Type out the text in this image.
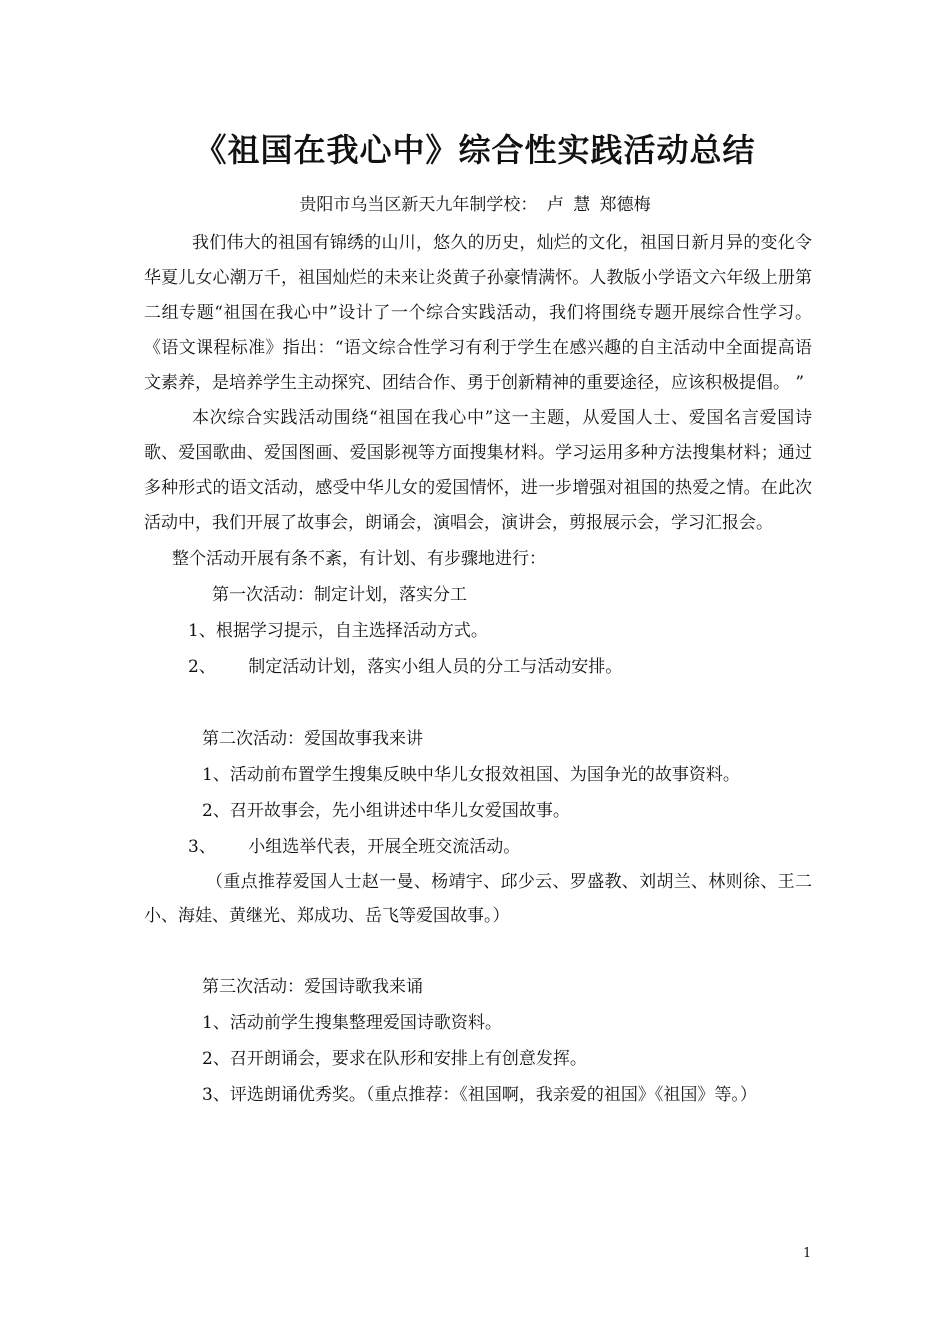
《祖国在我心中》综合性实践活动总结
贵阳市乌当区新天九年制学校： 卢 慧 郑德梅

我们伟大的祖国有锦绣的山川，悠久的历史，灿烂的文化，祖国日新月异的变化令华夏儿女心潮万千，祖国灿烂的未来让炎黄子孙豪情满怀。人教版小学语文六年级上册第二组专题“祖国在我心中”设计了一个综合实践活动，我们将围绕专题开展综合性学习。《语文课程标准》指出：“语文综合性学习有利于学生在感兴趣的自主活动中全面提高语文素养，是培养学生主动探究、团结合作、勇于创新精神的重要途径，应该积极提倡。 ”

本次综合实践活动围绕“祖国在我心中”这一主题，从爱国人士、爱国名言爱国诗歌、爱国歌曲、爱国图画、爱国影视等方面搜集材料。学习运用多种方法搜集材料；通过多种形式的语文活动，感受中华儿女的爱国情怀，进一步增强对祖国的热爱之情。在此次活动中，我们开展了故事会，朗诵会，演唱会，演讲会，剪报展示会，学习汇报会。

整个活动开展有条不紊，有计划、有步骤地进行：

第一次活动：制定计划，落实分工

1、根据学习提示，自主选择活动方式。

2、      制定活动计划，落实小组人员的分工与活动安排。

第二次活动：爱国故事我来讲

1、活动前布置学生搜集反映中华儿女报效祖国、为国争光的故事资料。

2、召开故事会，先小组讲述中华儿女爱国故事。

3、      小组选举代表，开展全班交流活动。

（重点推荐爱国人士赵一曼、杨靖宇、邱少云、罗盛教、刘胡兰、林则徐、王二小、海娃、黄继光、郑成功、岳飞等爱国故事。）

第三次活动：爱国诗歌我来诵

1、活动前学生搜集整理爱国诗歌资料。

2、召开朗诵会，要求在队形和安排上有创意发挥。

3、评选朗诵优秀奖。（重点推荐：《祖国啊，我亲爱的祖国》《祖国》等。）

1
